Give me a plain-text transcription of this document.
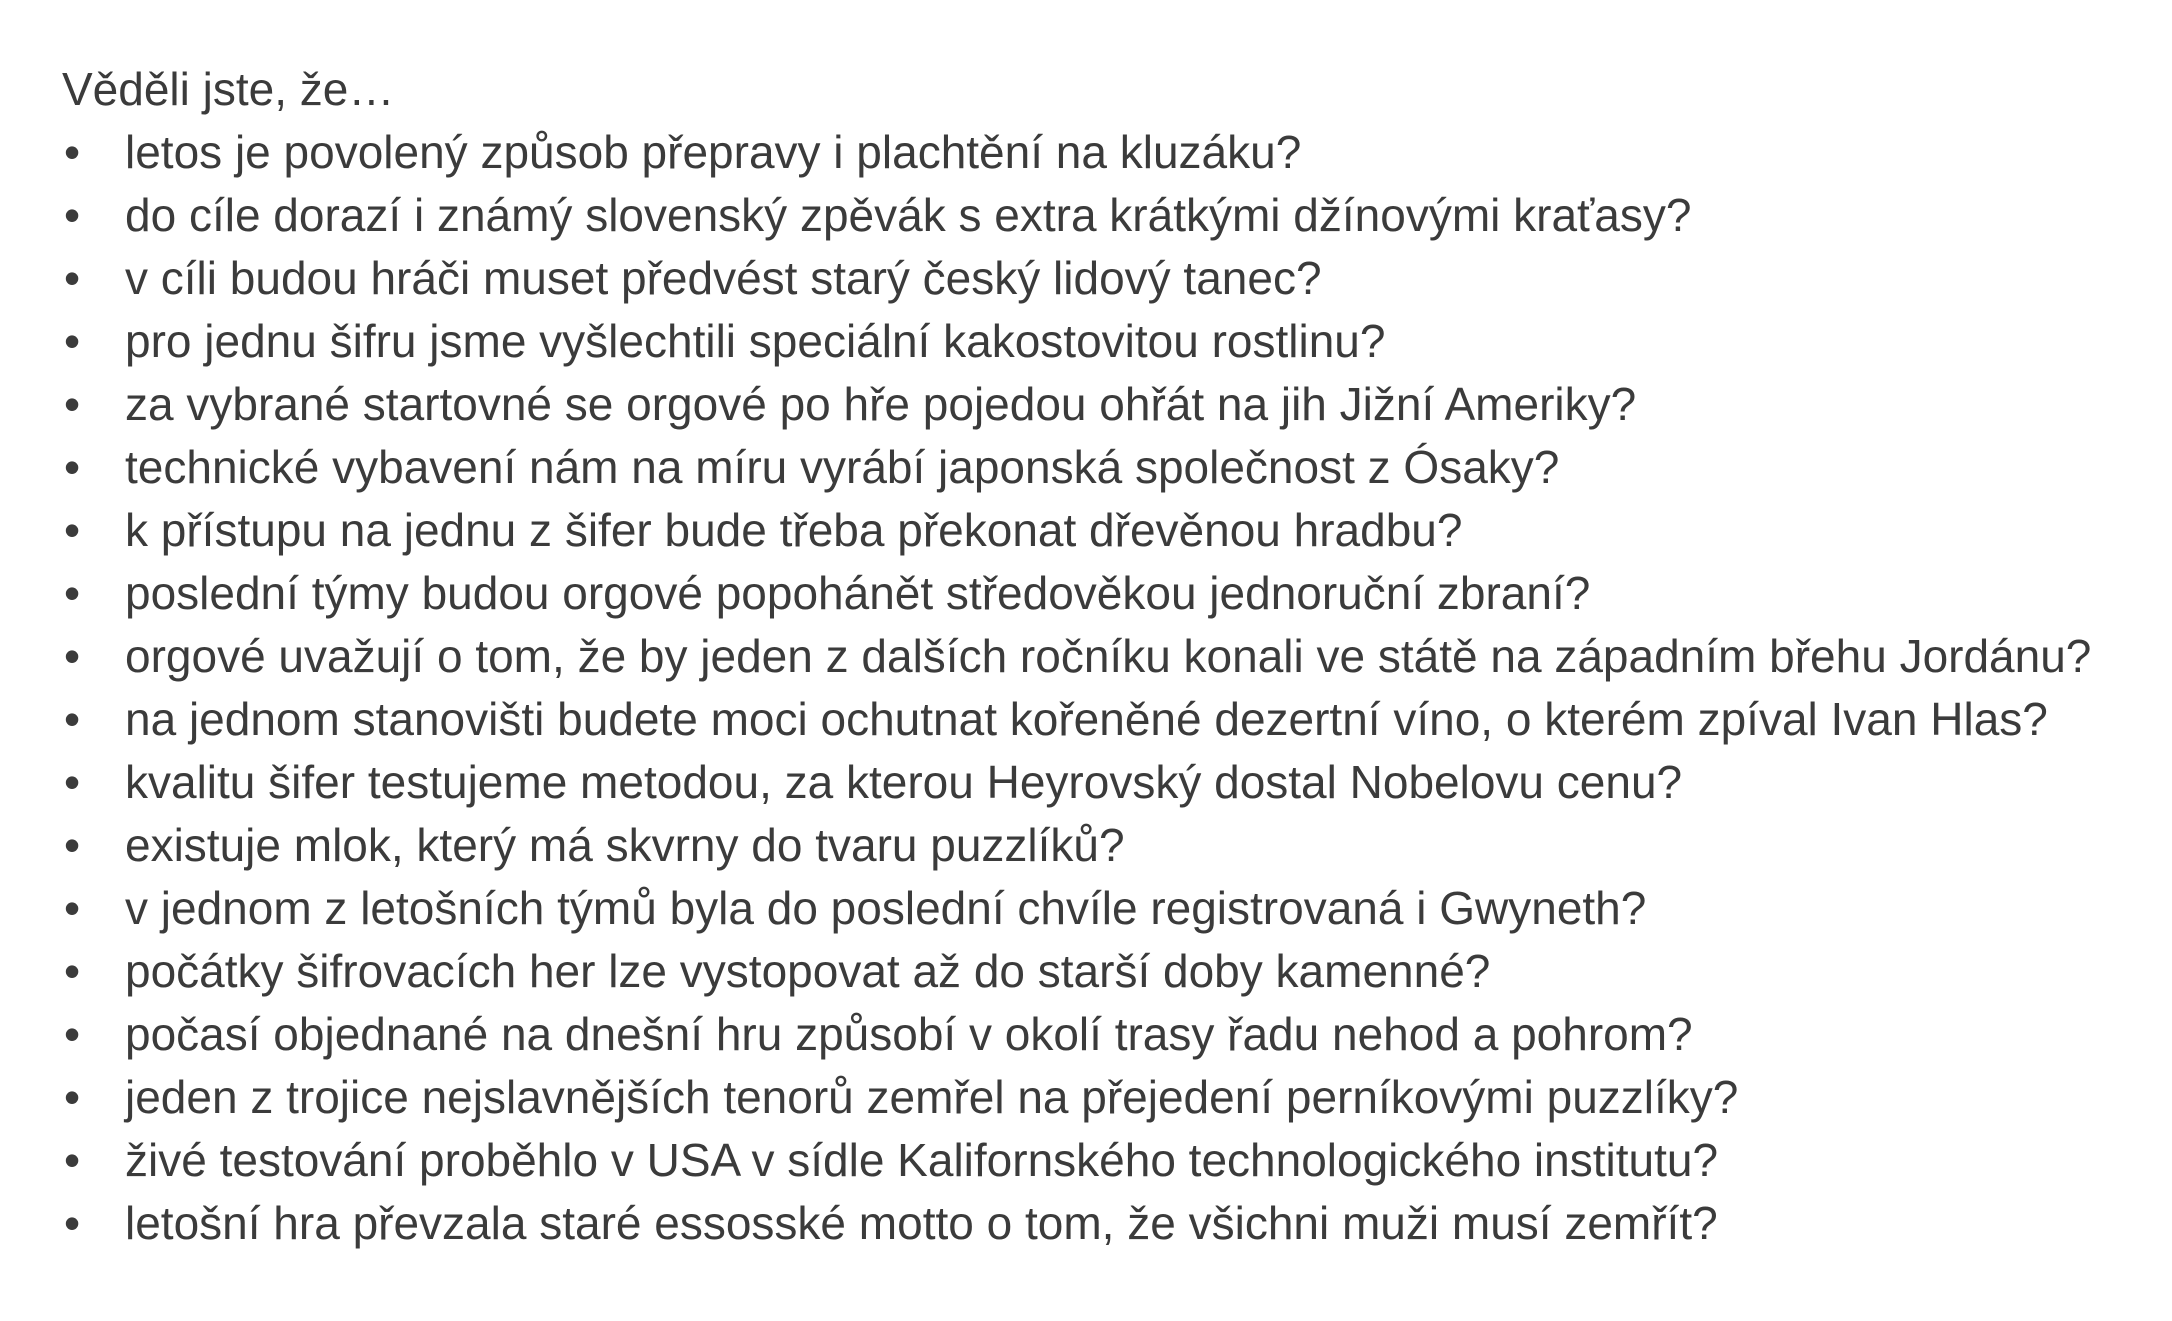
Věděli jste, že…

• letos je povolený způsob přepravy i plachtění na kluzáku?
• do cíle dorazí i známý slovenský zpěvák s extra krátkými džínovými kraťasy?
• v cíli budou hráči muset předvést starý český lidový tanec?
• pro jednu šifru jsme vyšlechtili speciální kakostovitou rostlinu?
• za vybrané startovné se orgové po hře pojedou ohřát na jih Jižní Ameriky?
• technické vybavení nám na míru vyrábí japonská společnost z Ósaky?
• k přístupu na jednu z šifer bude třeba překonat dřevěnou hradbu?
• poslední týmy budou orgové popohánět středověkou jednoruční zbraní?
• orgové uvažují o tom, že by jeden z dalších ročníku konali ve státě na západním břehu Jordánu?
• na jednom stanovišti budete moci ochutnat kořeněné dezertní víno, o kterém zpíval Ivan Hlas?
• kvalitu šifer testujeme metodou, za kterou Heyrovský dostal Nobelovu cenu?
• existuje mlok, který má skvrny do tvaru puzzlíků?
• v jednom z letošních týmů byla do poslední chvíle registrovaná i Gwyneth?
• počátky šifrovacích her lze vystopovat až do starší doby kamenné?
• počasí objednané na dnešní hru způsobí v okolí trasy řadu nehod a pohrom?
• jeden z trojice nejslavnějších tenorů zemřel na přejedení perníkovými puzzlíky?
• živé testování proběhlo v USA v sídle Kalifornského technologického institutu?
• letošní hra převzala staré essosské motto o tom, že všichni muži musí zemřít?
